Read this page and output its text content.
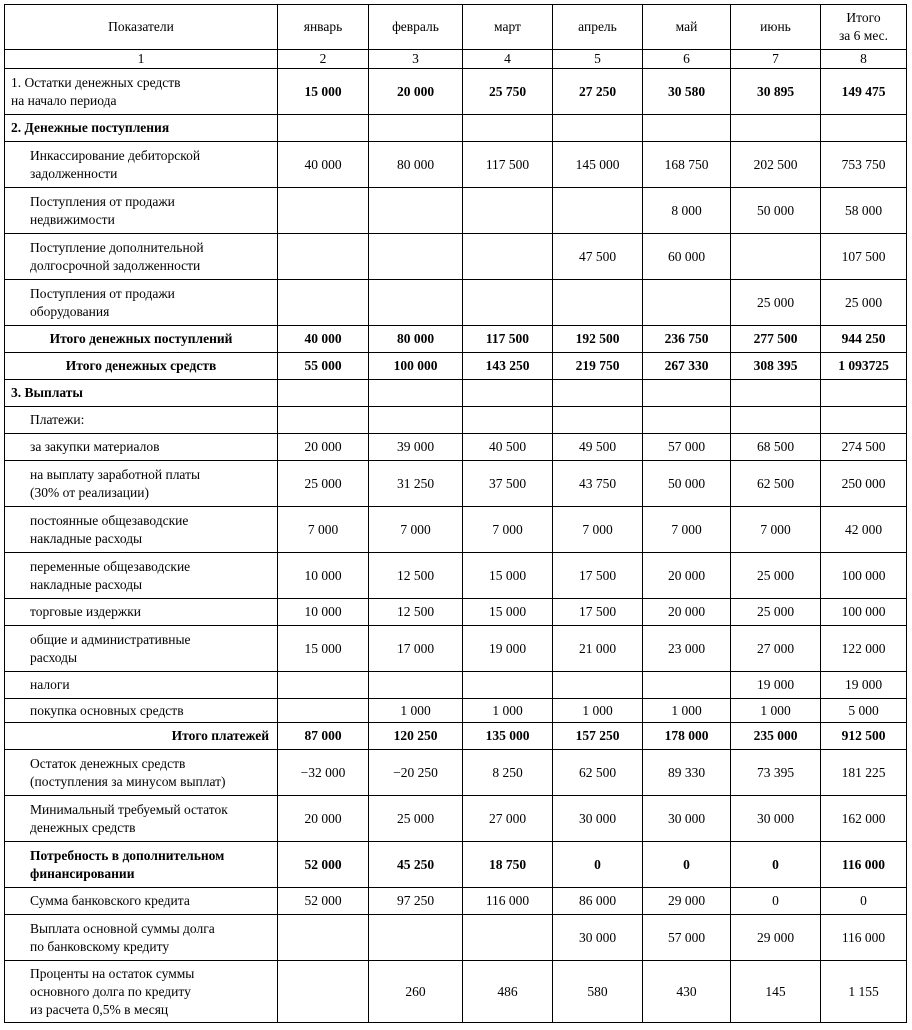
Показатели	январь	февраль	март	апрель	май	июнь	Итого
за 6 мес.

1	2	3	4	5	6	7	8

1. Остатки денежных средств
на начало периода	15 000	20 000	25 750	27 250	30 580	30 895	149 475

2. Денежные поступления							

Инкассирование дебиторской
задолженности	40 000	80 000	117 500	145 000	168 750	202 500	753 750

Поступления от продажи
недвижимости					8 000	50 000	58 000

Поступление дополнительной
долгосрочной задолженности				47 500	60 000		107 500

Поступления от продажи
оборудования						25 000	25 000

Итого денежных поступлений	40 000	80 000	117 500	192 500	236 750	277 500	944 250

Итого денежных средств	55 000	100 000	143 250	219 750	267 330	308 395	1 093725

3. Выплаты							

Платежи:							

за закупки материалов	20 000	39 000	40 500	49 500	57 000	68 500	274 500

на выплату заработной платы
(30% от реализации)	25 000	31 250	37 500	43 750	50 000	62 500	250 000

постоянные общезаводские
накладные расходы	7 000	7 000	7 000	7 000	7 000	7 000	42 000

переменные общезаводские
накладные расходы	10 000	12 500	15 000	17 500	20 000	25 000	100 000

торговые издержки	10 000	12 500	15 000	17 500	20 000	25 000	100 000

общие и административные
расходы	15 000	17 000	19 000	21 000	23 000	27 000	122 000

налоги						19 000	19 000

покупка основных средств		1 000	1 000	1 000	1 000	1 000	5 000

Итого платежей	87 000	120 250	135 000	157 250	178 000	235 000	912 500

Остаток денежных средств
(поступления за минусом выплат)	−32 000	−20 250	8 250	62 500	89 330	73 395	181 225

Минимальный требуемый остаток
денежных средств	20 000	25 000	27 000	30 000	30 000	30 000	162 000

Потребность в дополнительном
финансировании	52 000	45 250	18 750	0	0	0	116 000

Сумма банковского кредита	52 000	97 250	116 000	86 000	29 000	0	0

Выплата основной суммы долга
по банковскому кредиту				30 000	57 000	29 000	116 000

Проценты на остаток суммы
основного долга по кредиту
из расчета 0,5% в месяц		260	486	580	430	145	1 155
